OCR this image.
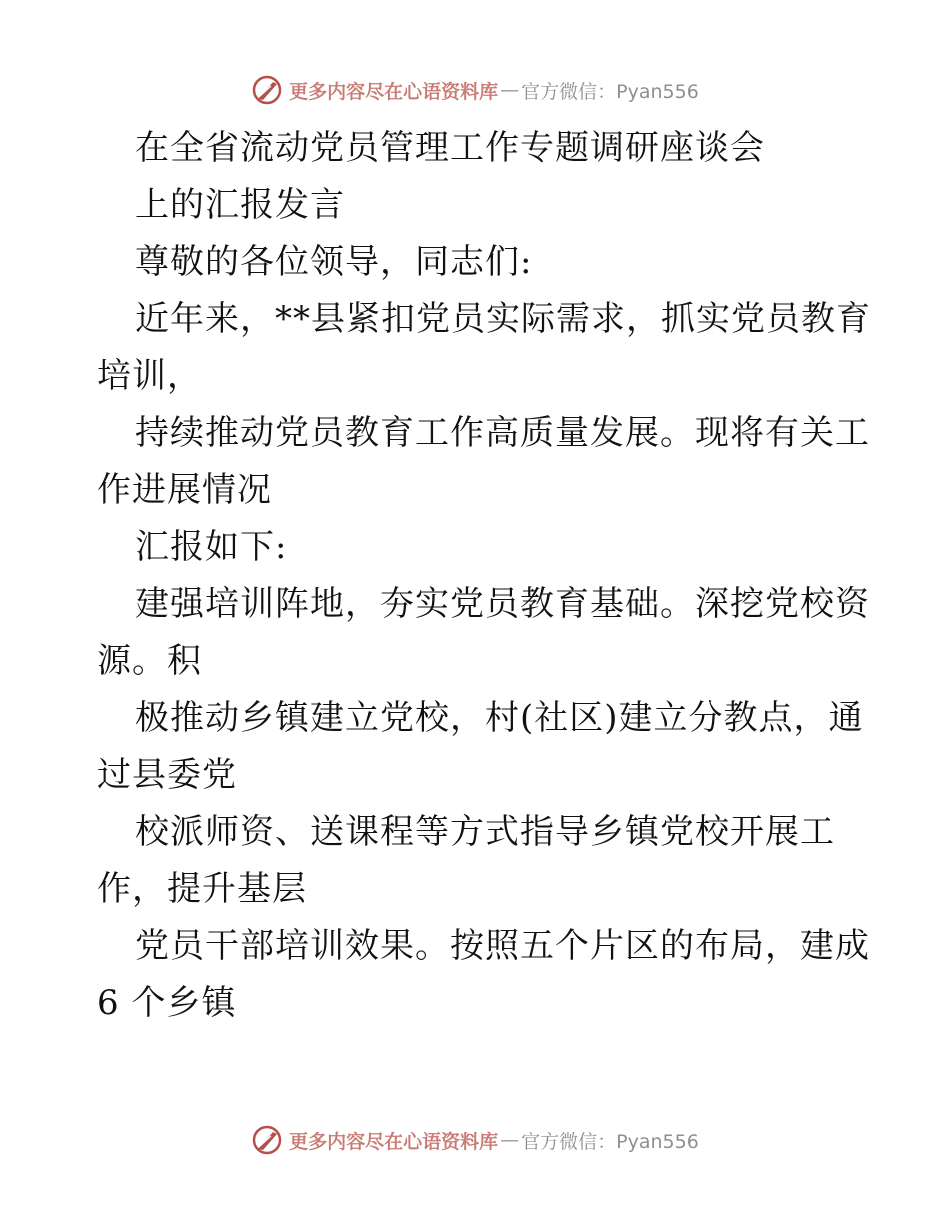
更多内容尽在心语资料库 — 官方微信：Pyan556
在全省流动党员管理工作专题调研座谈会
上的汇报发言
尊敬的各位领导，同志们:
近年来，**县紧扣党员实际需求，抓实党员教育
培训，
持续推动党员教育工作高质量发展。现将有关工
作进展情况
汇报如下:
建强培训阵地，夯实党员教育基础。深挖党校资
源。积
极推动乡镇建立党校，村(社区)建立分教点，通
过县委党
校派师资、送课程等方式指导乡镇党校开展工
作，提升基层
党员干部培训效果。按照五个片区的布局，建成
6 个乡镇
更多内容尽在心语资料库 — 官方微信：Pyan556
